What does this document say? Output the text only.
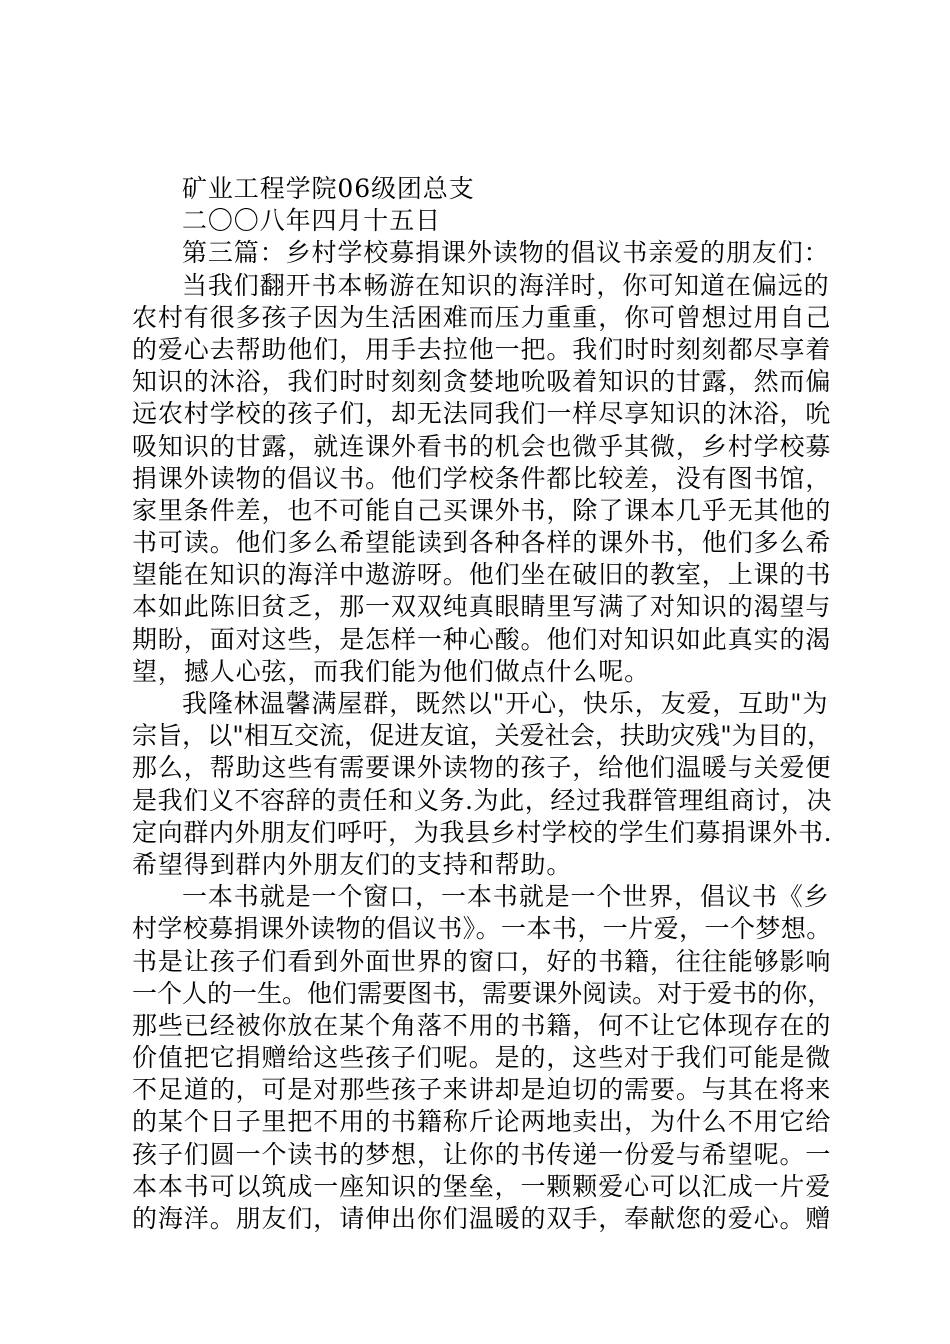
矿业工程学院06级团总支
二〇〇八年四月十五日
第三篇：乡村学校募捐课外读物的倡议书亲爱的朋友们：
当我们翻开书本畅游在知识的海洋时，你可知道在偏远的
农村有很多孩子因为生活困难而压力重重，你可曾想过用自己
的爱心去帮助他们，用手去拉他一把。我们时时刻刻都尽享着
知识的沐浴，我们时时刻刻贪婪地吮吸着知识的甘露，然而偏
远农村学校的孩子们，却无法同我们一样尽享知识的沐浴，吮
吸知识的甘露，就连课外看书的机会也微乎其微，乡村学校募
捐课外读物的倡议书。他们学校条件都比较差，没有图书馆，
家里条件差，也不可能自己买课外书，除了课本几乎无其他的
书可读。他们多么希望能读到各种各样的课外书，他们多么希
望能在知识的海洋中遨游呀。他们坐在破旧的教室，上课的书
本如此陈旧贫乏，那一双双纯真眼睛里写满了对知识的渴望与
期盼，面对这些，是怎样一种心酸。他们对知识如此真实的渴
望，撼人心弦，而我们能为他们做点什么呢。
我隆林温馨满屋群，既然以"开心，快乐，友爱，互助"为
宗旨，以"相互交流，促进友谊，关爱社会，扶助灾残"为目的，
那么，帮助这些有需要课外读物的孩子，给他们温暖与关爱便
是我们义不容辞的责任和义务.为此，经过我群管理组商讨，决
定向群内外朋友们呼吁，为我县乡村学校的学生们募捐课外书.
希望得到群内外朋友们的支持和帮助。
一本书就是一个窗口，一本书就是一个世界，倡议书《乡
村学校募捐课外读物的倡议书》。一本书，一片爱，一个梦想。
书是让孩子们看到外面世界的窗口，好的书籍，往往能够影响
一个人的一生。他们需要图书，需要课外阅读。对于爱书的你，
那些已经被你放在某个角落不用的书籍，何不让它体现存在的
价值把它捐赠给这些孩子们呢。是的，这些对于我们可能是微
不足道的，可是对那些孩子来讲却是迫切的需要。与其在将来
的某个日子里把不用的书籍称斤论两地卖出，为什么不用它给
孩子们圆一个读书的梦想，让你的书传递一份爱与希望呢。一
本本书可以筑成一座知识的堡垒，一颗颗爱心可以汇成一片爱
的海洋。朋友们，请伸出你们温暖的双手，奉献您的爱心。赠
